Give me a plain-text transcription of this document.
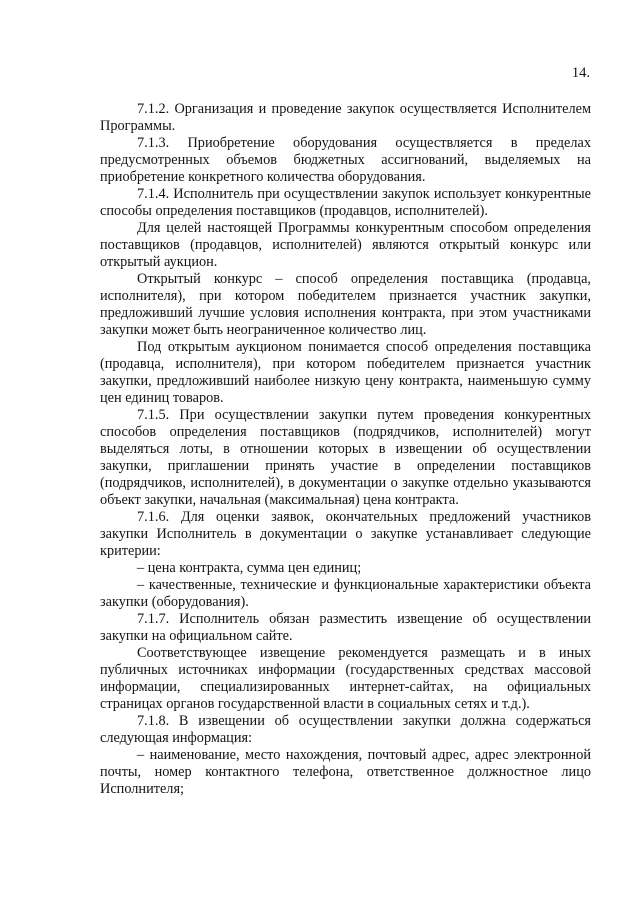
14.

7.1.2. Организация и проведение закупок осуществляется Исполнителем Программы.

7.1.3. Приобретение оборудования осуществляется в пределах предусмотренных объемов бюджетных ассигнований, выделяемых на приобретение конкретного количества оборудования.

7.1.4. Исполнитель при осуществлении закупок использует конкурентные способы определения поставщиков (продавцов, исполнителей).

Для целей настоящей Программы конкурентным способом определения поставщиков (продавцов, исполнителей) являются открытый конкурс или открытый аукцион.

Открытый конкурс – способ определения поставщика (продавца, исполнителя), при котором победителем признается участник закупки, предложивший лучшие условия исполнения контракта, при этом участниками закупки может быть неограниченное количество лиц.

Под открытым аукционом понимается способ определения поставщика (продавца, исполнителя), при котором победителем признается участник закупки, предложивший наиболее низкую цену контракта, наименьшую сумму цен единиц товаров.

7.1.5. При осуществлении закупки путем проведения конкурентных способов определения поставщиков (подрядчиков, исполнителей) могут выделяться лоты, в отношении которых в извещении об осуществлении закупки, приглашении принять участие в определении поставщиков (подрядчиков, исполнителей), в документации о закупке отдельно указываются объект закупки, начальная (максимальная) цена контракта.

7.1.6. Для оценки заявок, окончательных предложений участников закупки Исполнитель в документации о закупке устанавливает следующие критерии:

– цена контракта, сумма цен единиц;

– качественные, технические и функциональные характеристики объекта закупки (оборудования).

7.1.7. Исполнитель обязан разместить извещение об осуществлении закупки на официальном сайте.

Соответствующее извещение рекомендуется размещать и в иных публичных источниках информации (государственных средствах массовой информации, специализированных интернет-сайтах, на официальных страницах органов государственной власти в социальных сетях и т.д.).

7.1.8. В извещении об осуществлении закупки должна содержаться следующая информация:

– наименование, место нахождения, почтовый адрес, адрес электронной почты, номер контактного телефона, ответственное должностное лицо Исполнителя;
